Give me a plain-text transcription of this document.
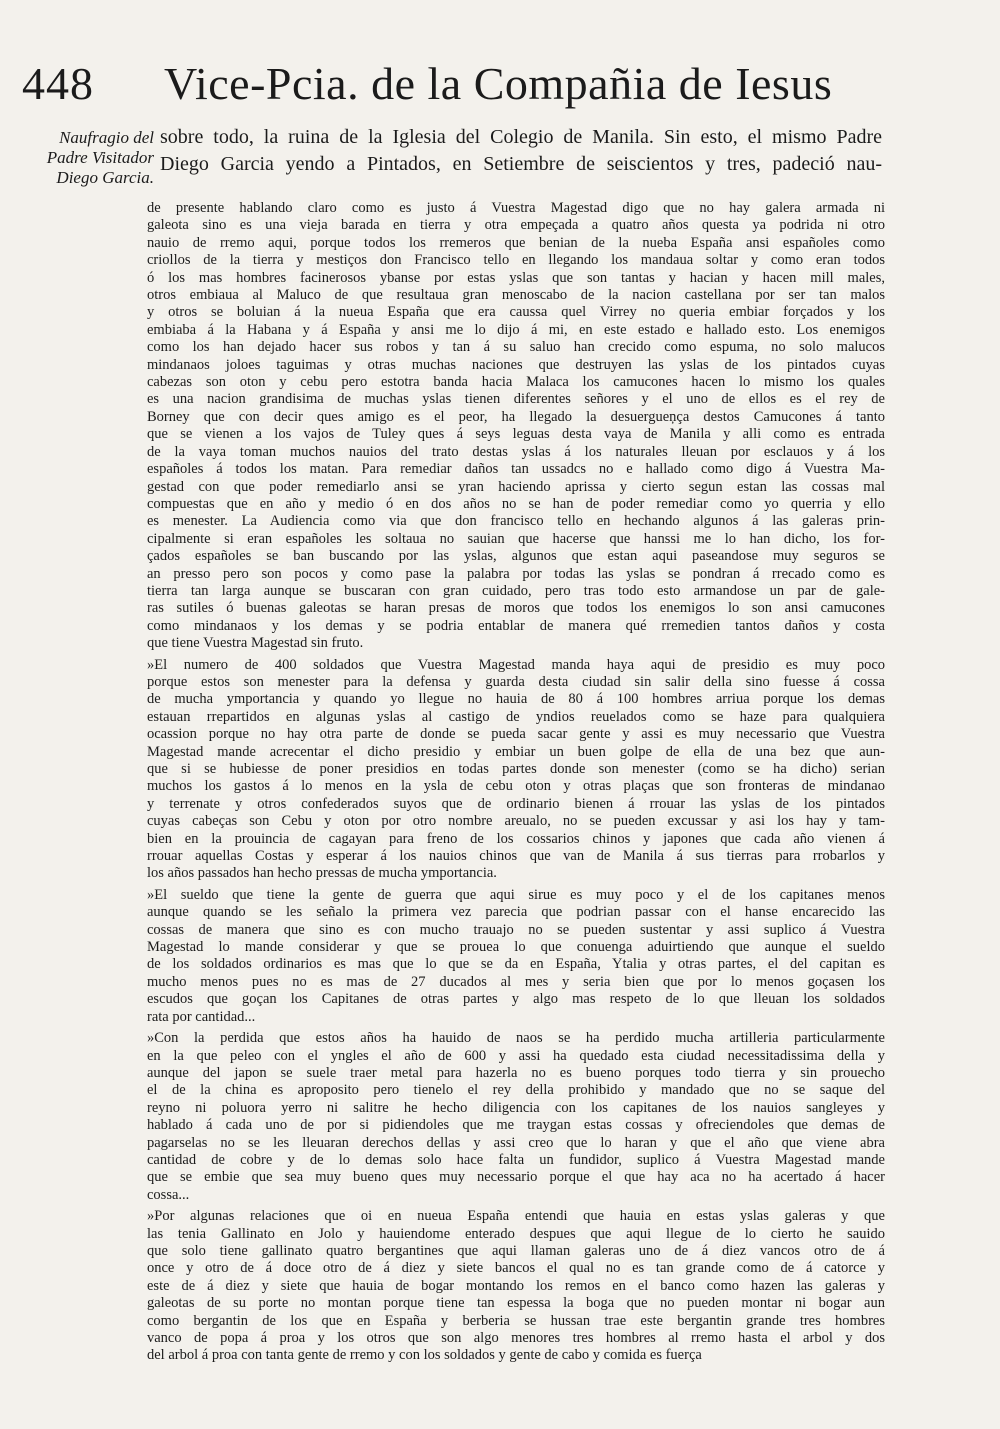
448 Vice-Pcia. de la Compañia de Iesus
Naufragio del
Padre Visitador
Diego Garcia.
sobre todo, la ruina de la Iglesia del Colegio de Manila. Sin esto, el mismo Padre
Diego Garcia yendo a Pintados, en Setiembre de seiscientos y tres, padeció nau-
de presente hablando claro como es justo á Vuestra Magestad digo que no hay galera armada ni
galeota sino es una vieja barada en tierra y otra empeçada a quatro años questa ya podrida ni otro
nauio de rremo aqui, porque todos los rremeros que benian de la nueba España ansi españoles como
criollos de la tierra y mestiços don Francisco tello en llegando los mandaua soltar y como eran todos
ó los mas hombres facinerosos ybanse por estas yslas que son tantas y hacian y hacen mill males,
otros embiaua al Maluco de que resultaua gran menoscabo de la nacion castellana por ser tan malos
y otros se boluian á la nueua España que era caussa quel Virrey no queria embiar forçados y los
embiaba á la Habana y á España y ansi me lo dijo á mi, en este estado e hallado esto. Los enemigos
como los han dejado hacer sus robos y tan á su saluo han crecido como espuma, no solo malucos
mindanaos joloes taguimas y otras muchas naciones que destruyen las yslas de los pintados cuyas
cabezas son oton y cebu pero estotra banda hacia Malaca los camucones hacen lo mismo los quales
es una nacion grandisima de muchas yslas tienen diferentes señores y el uno de ellos es el rey de
Borney que con decir ques amigo es el peor, ha llegado la desuergueņça destos Camucones á tanto
que se vienen a los vajos de Tuley ques á seys leguas desta vaya de Manila y alli como es entrada
de la vaya toman muchos nauios del trato destas yslas á los naturales lleuan por esclauos y á los
españoles á todos los matan. Para remediar daños tan ussadcs no e hallado como digo á Vuestra Ma-
gestad con que poder remediarlo ansi se yran haciendo aprissa y cierto segun estan las cossas mal
compuestas que en año y medio ó en dos años no se han de poder remediar como yo querria y ello
es menester. La Audiencia como via que don francisco tello en hechando algunos á las galeras prin-
cipalmente si eran españoles les soltaua no sauian que hacerse que hanssi me lo han dicho, los for-
çados españoles se ban buscando por las yslas, algunos que estan aqui paseandose muy seguros se
an presso pero son pocos y como pase la palabra por todas las yslas se pondran á rrecado como es
tierra tan larga aunque se buscaran con gran cuidado, pero tras todo esto armandose un par de gale-
ras sutiles ó buenas galeotas se haran presas de moros que todos los enemigos lo son ansi camucones
como mindanaos y los demas y se podria entablar de manera qué rremedien tantos daños y costa
que tiene Vuestra Magestad sin fruto.
»El numero de 400 soldados que Vuestra Magestad manda haya aqui de presidio es muy poco
porque estos son menester para la defensa y guarda desta ciudad sin salir della sino fuesse á cossa
de mucha ymportancia y quando yo llegue no hauia de 80 á 100 hombres arriua porque los demas
estauan rrepartidos en algunas yslas al castigo de yndios reuelados como se haze para qualquiera
ocassion porque no hay otra parte de donde se pueda sacar gente y assi es muy necessario que Vuestra
Magestad mande acrecentar el dicho presidio y embiar un buen golpe de ella de una bez que aun-
que si se hubiesse de poner presidios en todas partes donde son menester (como se ha dicho) serian
muchos los gastos á lo menos en la ysla de cebu oton y otras plaças que son fronteras de mindanao
y terrenate y otros confederados suyos que de ordinario bienen á rrouar las yslas de los pintados
cuyas cabeças son Cebu y oton por otro nombre areualo, no se pueden excussar y asi los hay y tam-
bien en la prouincia de cagayan para freno de los cossarios chinos y japones que cada año vienen á
rrouar aquellas Costas y esperar á los nauios chinos que van de Manila á sus tierras para rrobarlos y
los años passados han hecho pressas de mucha ymportancia.
»El sueldo que tiene la gente de guerra que aqui sirue es muy poco y el de los capitanes menos
aunque quando se les señalo la primera vez parecia que podrian passar con el hanse encarecido las
cossas de manera que sino es con mucho trauajo no se pueden sustentar y assi suplico á Vuestra
Magestad lo mande considerar y que se prouea lo que conuenga aduirtiendo que aunque el sueldo
de los soldados ordinarios es mas que lo que se da en España, Ytalia y otras partes, el del capitan es
mucho menos pues no es mas de 27 ducados al mes y seria bien que por lo menos goçasen los
escudos que goçan los Capitanes de otras partes y algo mas respeto de lo que lleuan los soldados
rata por cantidad...
»Con la perdida que estos años ha hauido de naos se ha perdido mucha artilleria particularmente
en la que peleo con el yngles el año de 600 y assi ha quedado esta ciudad necessitadissima della y
aunque del japon se suele traer metal para hazerla no es bueno porques todo tierra y sin prouecho
el de la china es aproposito pero tienelo el rey della prohibido y mandado que no se saque del
reyno ni poluora yerro ni salitre he hecho diligencia con los capitanes de los nauios sangleyes y
hablado á cada uno de por si pidiendoles que me traygan estas cossas y ofreciendoles que demas de
pagarselas no se les lleuaran derechos dellas y assi creo que lo haran y que el año que viene abra
cantidad de cobre y de lo demas solo hace falta un fundidor, suplico á Vuestra Magestad mande
que se embie que sea muy bueno ques muy necessario porque el que hay aca no ha acertado á hacer
cossa...
»Por algunas relaciones que oi en nueua España entendi que hauia en estas yslas galeras y que
las tenia Gallinato en Jolo y hauiendome enterado despues que aqui llegue de lo cierto he sauido
que solo tiene gallinato quatro bergantines que aqui llaman galeras uno de á diez vancos otro de á
once y otro de á doce otro de á diez y siete bancos el qual no es tan grande como de á catorce y
este de á diez y siete que hauia de bogar montando los remos en el banco como hazen las galeras y
galeotas de su porte no montan porque tiene tan espessa la boga que no pueden montar ni bogar aun
como bergantin de los que en España y berberia se hussan trae este bergantin grande tres hombres
vanco de popa á proa y los otros que son algo menores tres hombres al rremo hasta el arbol y dos
del arbol á proa con tanta gente de rremo y con los soldados y gente de cabo y comida es fuerça
